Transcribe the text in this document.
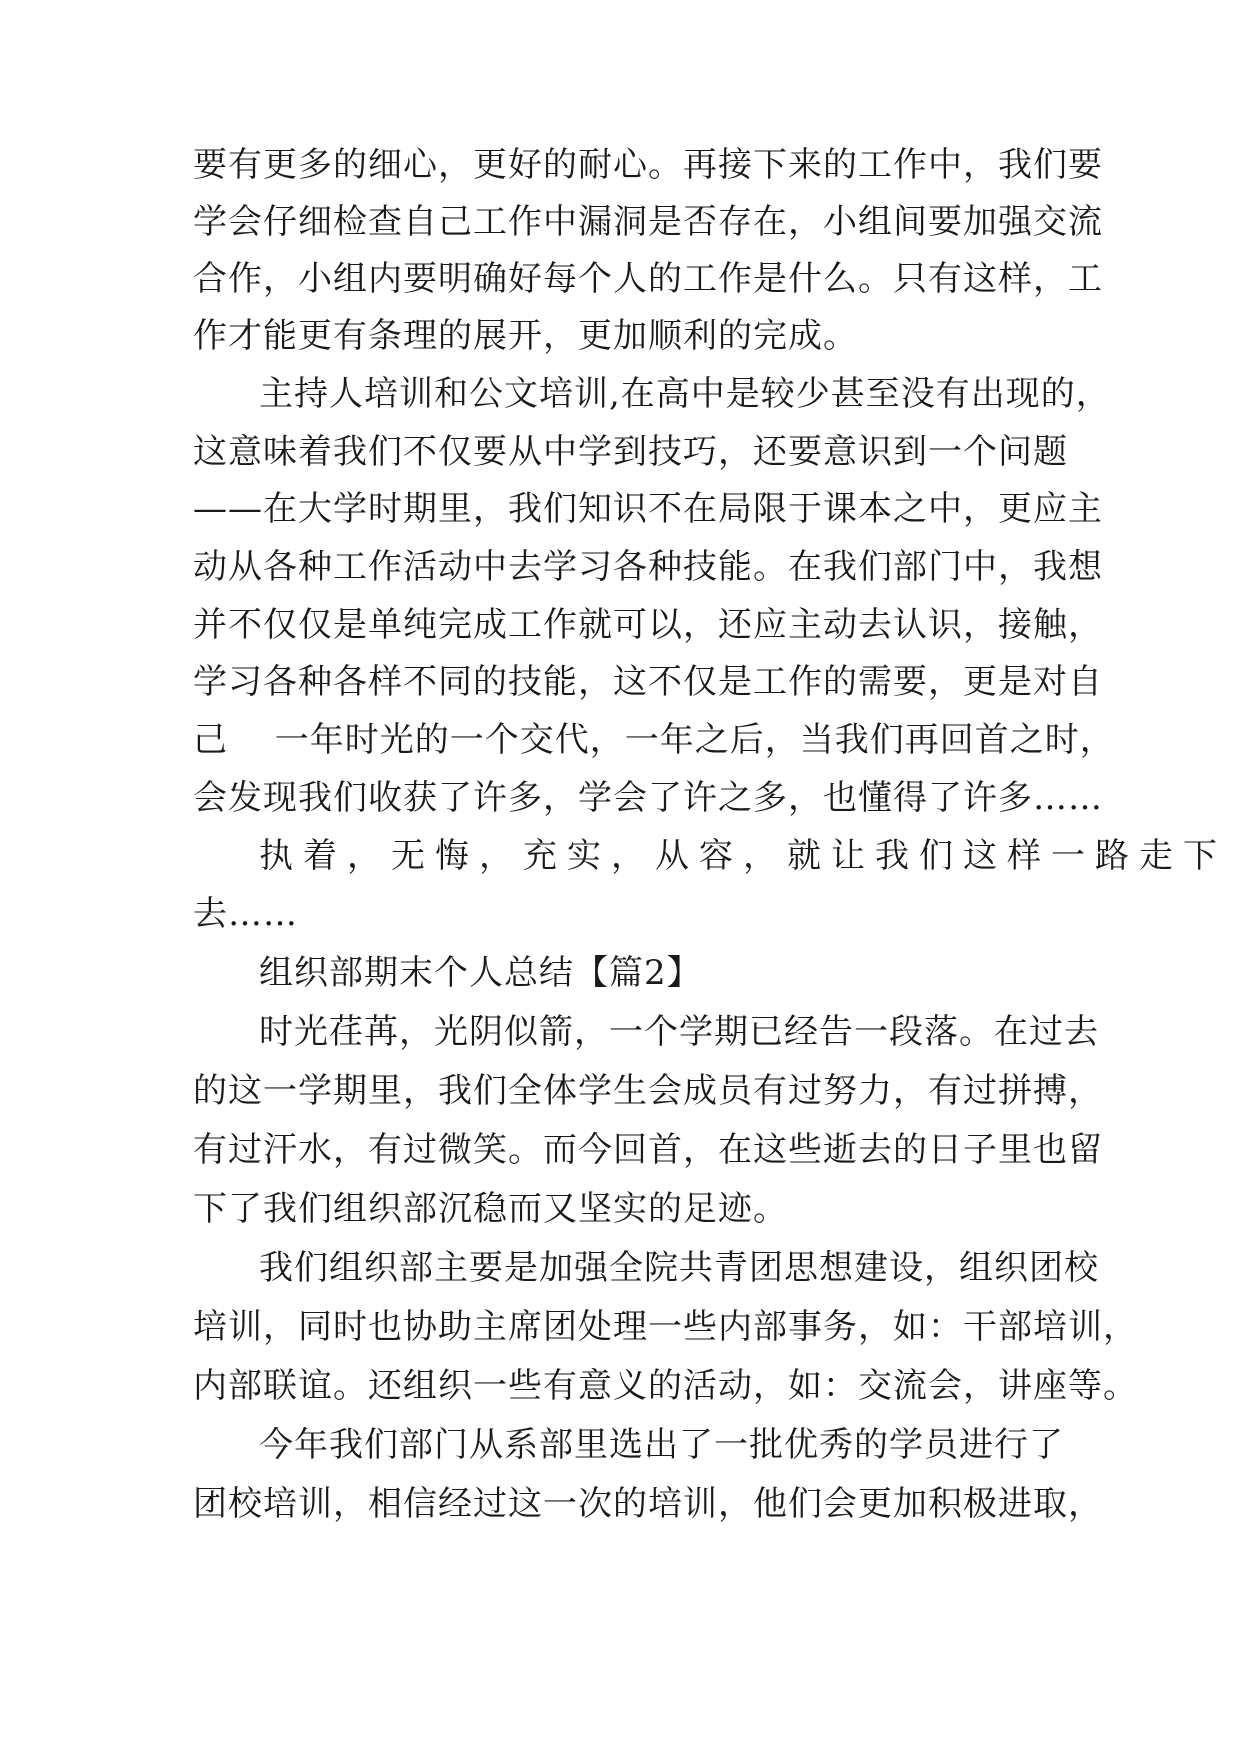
要有更多的细心，更好的耐心。再接下来的工作中，我们要
学会仔细检查自己工作中漏洞是否存在，小组间要加强交流
合作，小组内要明确好每个人的工作是什么。只有这样，工
作才能更有条理的展开，更加顺利的完成。
主持人培训和公文培训,在高中是较少甚至没有出现的，
这意味着我们不仅要从中学到技巧，还要意识到一个问题
——在大学时期里，我们知识不在局限于课本之中，更应主
动从各种工作活动中去学习各种技能。在我们部门中，我想
并不仅仅是单纯完成工作就可以，还应主动去认识，接触，
学习各种各样不同的技能，这不仅是工作的需要，更是对自
己　 一年时光的一个交代，一年之后，当我们再回首之时，
会发现我们收获了许多，学会了许之多，也懂得了许多……
执着，无悔，充实，从容，就让我们这样一路走下
去……
组织部期末个人总结【篇2】
时光荏苒，光阴似箭，一个学期已经告一段落。在过去
的这一学期里，我们全体学生会成员有过努力，有过拼搏，
有过汗水，有过微笑。而今回首，在这些逝去的日子里也留
下了我们组织部沉稳而又坚实的足迹。
我们组织部主要是加强全院共青团思想建设，组织团校
培训，同时也协助主席团处理一些内部事务，如：干部培训，
内部联谊。还组织一些有意义的活动，如：交流会，讲座等。
今年我们部门从系部里选出了一批优秀的学员进行了
团校培训，相信经过这一次的培训，他们会更加积极进取，
